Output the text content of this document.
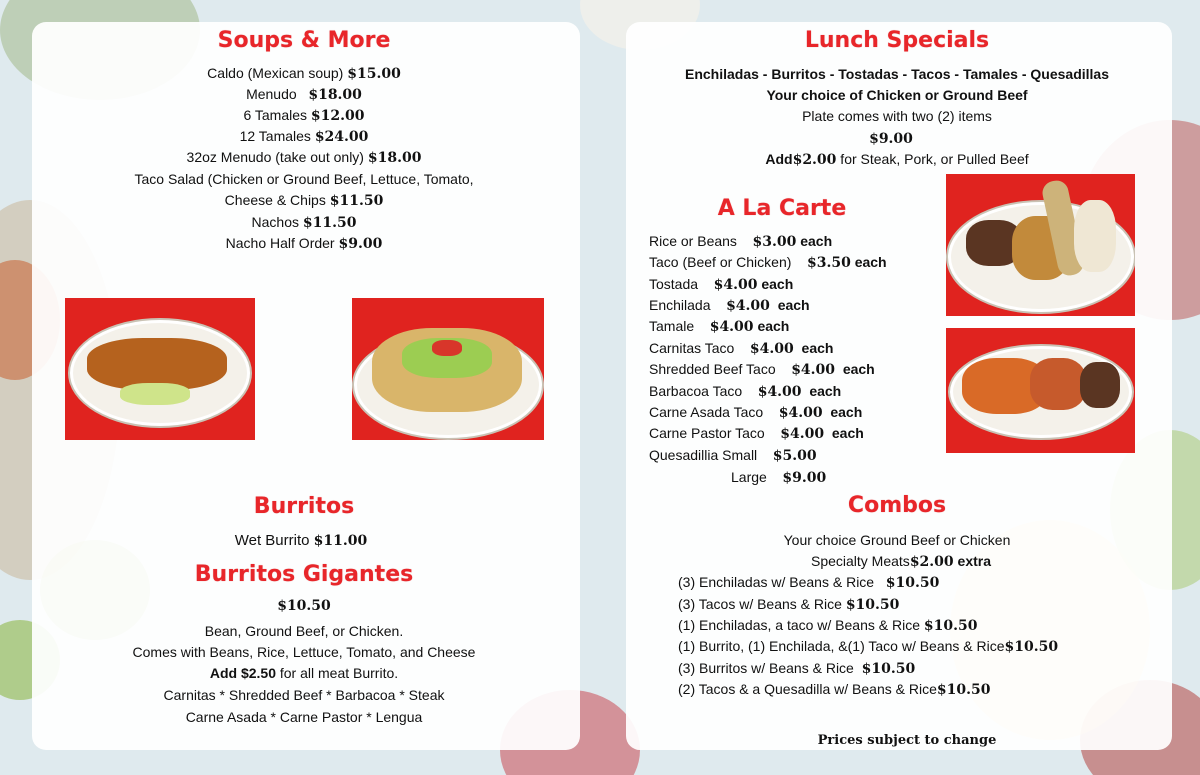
Soups & More
Caldo (Mexican soup) $15.00
Menudo $18.00
6 Tamales $12.00
12 Tamales $24.00
32oz Menudo (take out only) $18.00
Taco Salad (Chicken or Ground Beef, Lettuce, Tomato,
Cheese & Chips $11.50
Nachos $11.50
Nacho Half Order $9.00
Burritos
Wet Burrito $11.00
Burritos Gigantes
$10.50
Bean, Ground Beef, or Chicken.
Comes with Beans, Rice, Lettuce, Tomato, and Cheese
Add $2.50 for all meat Burrito.
Carnitas * Shredded Beef * Barbacoa * Steak
Carne Asada * Carne Pastor * Lengua
Lunch Specials
Enchiladas - Burritos - Tostadas - Tacos - Tamales - Quesadillas
Your choice of Chicken or Ground Beef
Plate comes with two (2) items
$9.00
Add$2.00 for Steak, Pork, or Pulled Beef
A La Carte
Rice or Beans $3.00 each
Taco (Beef or Chicken) $3.50 each
Tostada $4.00 each
Enchilada $4.00 each
Tamale $4.00 each
Carnitas Taco $4.00 each
Shredded Beef Taco $4.00 each
Barbacoa Taco $4.00 each
Carne Asada Taco $4.00 each
Carne Pastor Taco $4.00 each
Quesadillia Small $5.00
Large $9.00
Combos
Your choice Ground Beef or Chicken
Specialty Meats$2.00 extra
(3) Enchiladas w/ Beans & Rice $10.50
(3) Tacos w/ Beans & Rice $10.50
(1) Enchiladas, a taco w/ Beans & Rice $10.50
(1) Burrito, (1) Enchilada, &(1) Taco w/ Beans & Rice$10.50
(3) Burritos w/ Beans & Rice $10.50
(2) Tacos & a Quesadilla w/ Beans & Rice$10.50
Prices subject to change
